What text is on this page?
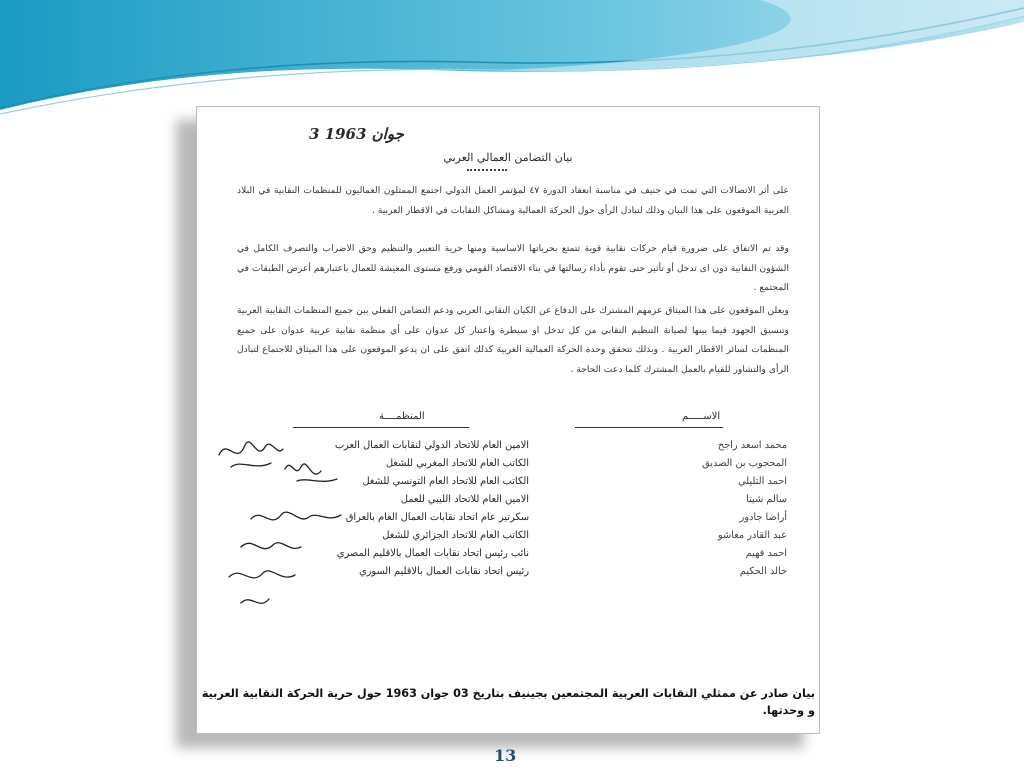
3 جوان 1963
بيان التضامن العمالي العربي

على أثر الاتصالات التي تمت في جنيف في مناسبة انعقاد الدورة ٤٧ لمؤتمر العمل الدولي اجتمع الممثلون العماليون للمنظمات النقابية في البلاد العربية الموقعون على هذا البيان وذلك لتبادل الرأى حول الحركة العمالية ومشاكل النقابات في الاقطار العربية .

وقد تم الاتفاق على ضرورة قيام حركات نقابية قوية تتمتع بحرياتها الاساسية ومنها حرية التعبير والتنظيم وحق الاضراب والتصرف الكامل في الشؤون النقابية دون اى تدخل أو تأثير حتى تقوم بأداء رسالتها في بناء الاقتصاد القومي ورفع مستوى المعيشة للعمال باعتبارهم أعرض الطبقات في المجتمع .

ويعلن الموقعون على هذا الميثاق عزمهم المشترك على الدفاع عن الكيان النقابي العربي ودعم التضامن الفعلي بين جميع المنظمات النقابية العربية وتنسيق الجهود فيما بينها لصيانة التنظيم النقابي من كل تدخل او سيطرة واعتبار كل عدوان على أي منظمة نقابية عربية عدوان على جميع المنظمات لسائر الاقطار العربية . وبذلك تتحقق وحدة الحركة العمالية العربية كذلك اتفق على ان يدعو الموقعون على هذا الميثاق للاجتماع لتبادل الرأى والتشاور للقيام بالعمل المشترك كلما دعت الحاجة .

المنظمــــة	الاســـــم
الامين العام للاتحاد الدولي لنقابات العمال العرب
الكاتب العام للاتحاد المغربي للشغل
الكاتب العام للاتحاد العام التونسي للشغل
الامين العام للاتحاد الليبي للعمل
سكرتير عام اتحاد نقابات العمال العام بالعراق
الكاتب العام للاتحاد الجزائري للشغل
نائب رئيس اتحاد نقابات العمال بالاقليم المصري
رئيس اتحاد نقابات العمال بالاقليم السوري
محمد اسعد راجح
المحجوب بن الصديق
احمد التليلي
سالم شيتا
أراضا جادور
عبد القادر معاشو
احمد فهيم
خالد الحكيم

بيان صادر عن ممثلي النقابات العربية المجتمعين بجينيف بتاريخ 03 جوان 1963 حول حرية الحركة النقابية العربية و وحدتها.

13
